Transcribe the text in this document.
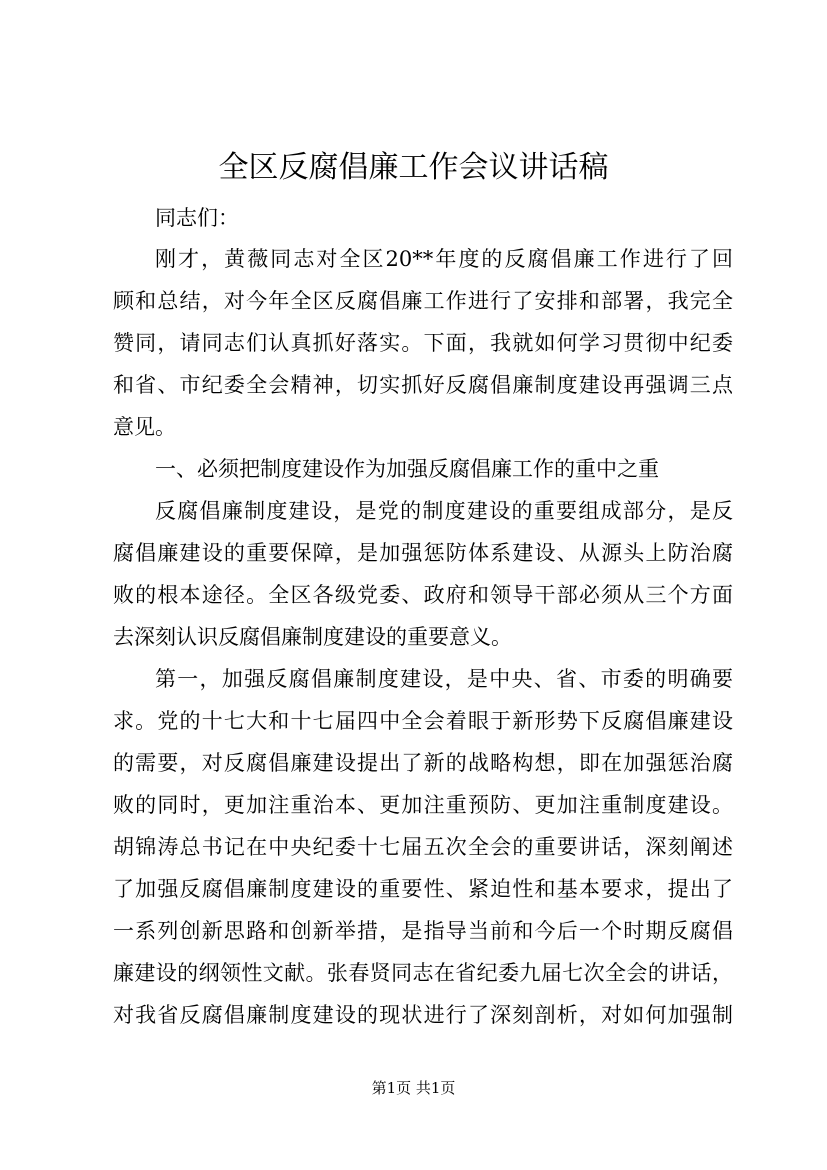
全区反腐倡廉工作会议讲话稿
同志们：
刚才，黄薇同志对全区20**年度的反腐倡廉工作进行了回
顾和总结，对今年全区反腐倡廉工作进行了安排和部署，我完全
赞同，请同志们认真抓好落实。下面，我就如何学习贯彻中纪委
和省、市纪委全会精神，切实抓好反腐倡廉制度建设再强调三点
意见。
一、必须把制度建设作为加强反腐倡廉工作的重中之重
反腐倡廉制度建设，是党的制度建设的重要组成部分，是反
腐倡廉建设的重要保障，是加强惩防体系建设、从源头上防治腐
败的根本途径。全区各级党委、政府和领导干部必须从三个方面
去深刻认识反腐倡廉制度建设的重要意义。
第一，加强反腐倡廉制度建设，是中央、省、市委的明确要
求。党的十七大和十七届四中全会着眼于新形势下反腐倡廉建设
的需要，对反腐倡廉建设提出了新的战略构想，即在加强惩治腐
败的同时，更加注重治本、更加注重预防、更加注重制度建设。
胡锦涛总书记在中央纪委十七届五次全会的重要讲话，深刻阐述
了加强反腐倡廉制度建设的重要性、紧迫性和基本要求，提出了
一系列创新思路和创新举措，是指导当前和今后一个时期反腐倡
廉建设的纲领性文献。张春贤同志在省纪委九届七次全会的讲话，
对我省反腐倡廉制度建设的现状进行了深刻剖析，对如何加强制
第1页 共1页
